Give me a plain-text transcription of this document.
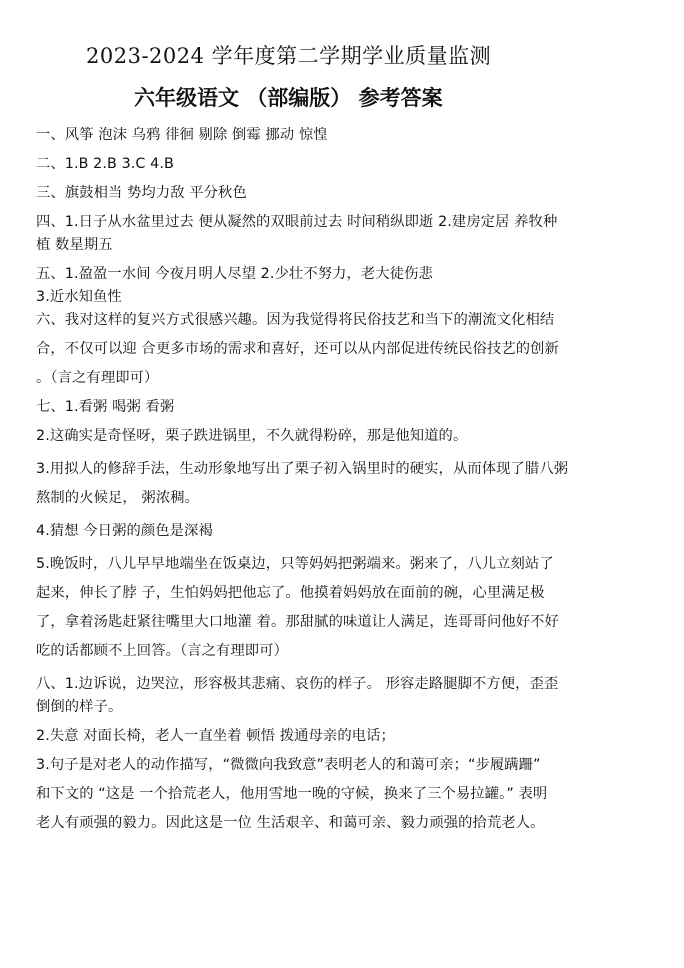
2023-2024 学年度第二学期学业质量监测
六年级语文 （部编版） 参考答案
一、风筝 泡沫 乌鸦 徘徊 剔除 倒霉 挪动 惊惶
二、1.B 2.B 3.C 4.B
三、旗鼓相当 势均力敌 平分秋色
四、1.日子从水盆里过去 便从凝然的双眼前过去 时间稍纵即逝 2.建房定居 养牧种
植 数星期五
五、1.盈盈一水间 今夜月明人尽望 2.少壮不努力，老大徒伤悲
3.近水知鱼性
六、我对这样的复兴方式很感兴趣。因为我觉得将民俗技艺和当下的潮流文化相结
合，不仅可以迎 合更多市场的需求和喜好，还可以从内部促进传统民俗技艺的创新
。（言之有理即可）
七、1.看粥 喝粥 看粥
2.这确实是奇怪呀，栗子跌进锅里，不久就得粉碎，那是他知道的。
3.用拟人的修辞手法，生动形象地写出了栗子初入锅里时的硬实，从而体现了腊八粥
熬制的火候足， 粥浓稠。
4.猜想 今日粥的颜色是深褐
5.晚饭时，八儿早早地端坐在饭桌边，只等妈妈把粥端来。粥来了，八儿立刻站了
起来，伸长了脖 子，生怕妈妈把他忘了。他摸着妈妈放在面前的碗，心里满足极
了，拿着汤匙赶紧往嘴里大口地灌 着。那甜腻的味道让人满足，连哥哥问他好不好
吃的话都顾不上回答。（言之有理即可）
八、1.边诉说，边哭泣，形容极其悲痛、哀伤的样子。 形容走路腿脚不方便，歪歪
倒倒的样子。
2.失意 对面长椅，老人一直坐着 顿悟 拨通母亲的电话；
3.句子是对老人的动作描写，“微微向我致意”表明老人的和蔼可亲；“步履蹒跚”
和下文的 “这是 一个拾荒老人，他用雪地一晚的守候，换来了三个易拉罐。” 表明
老人有顽强的毅力。因此这是一位 生活艰辛、和蔼可亲、毅力顽强的拾荒老人。
